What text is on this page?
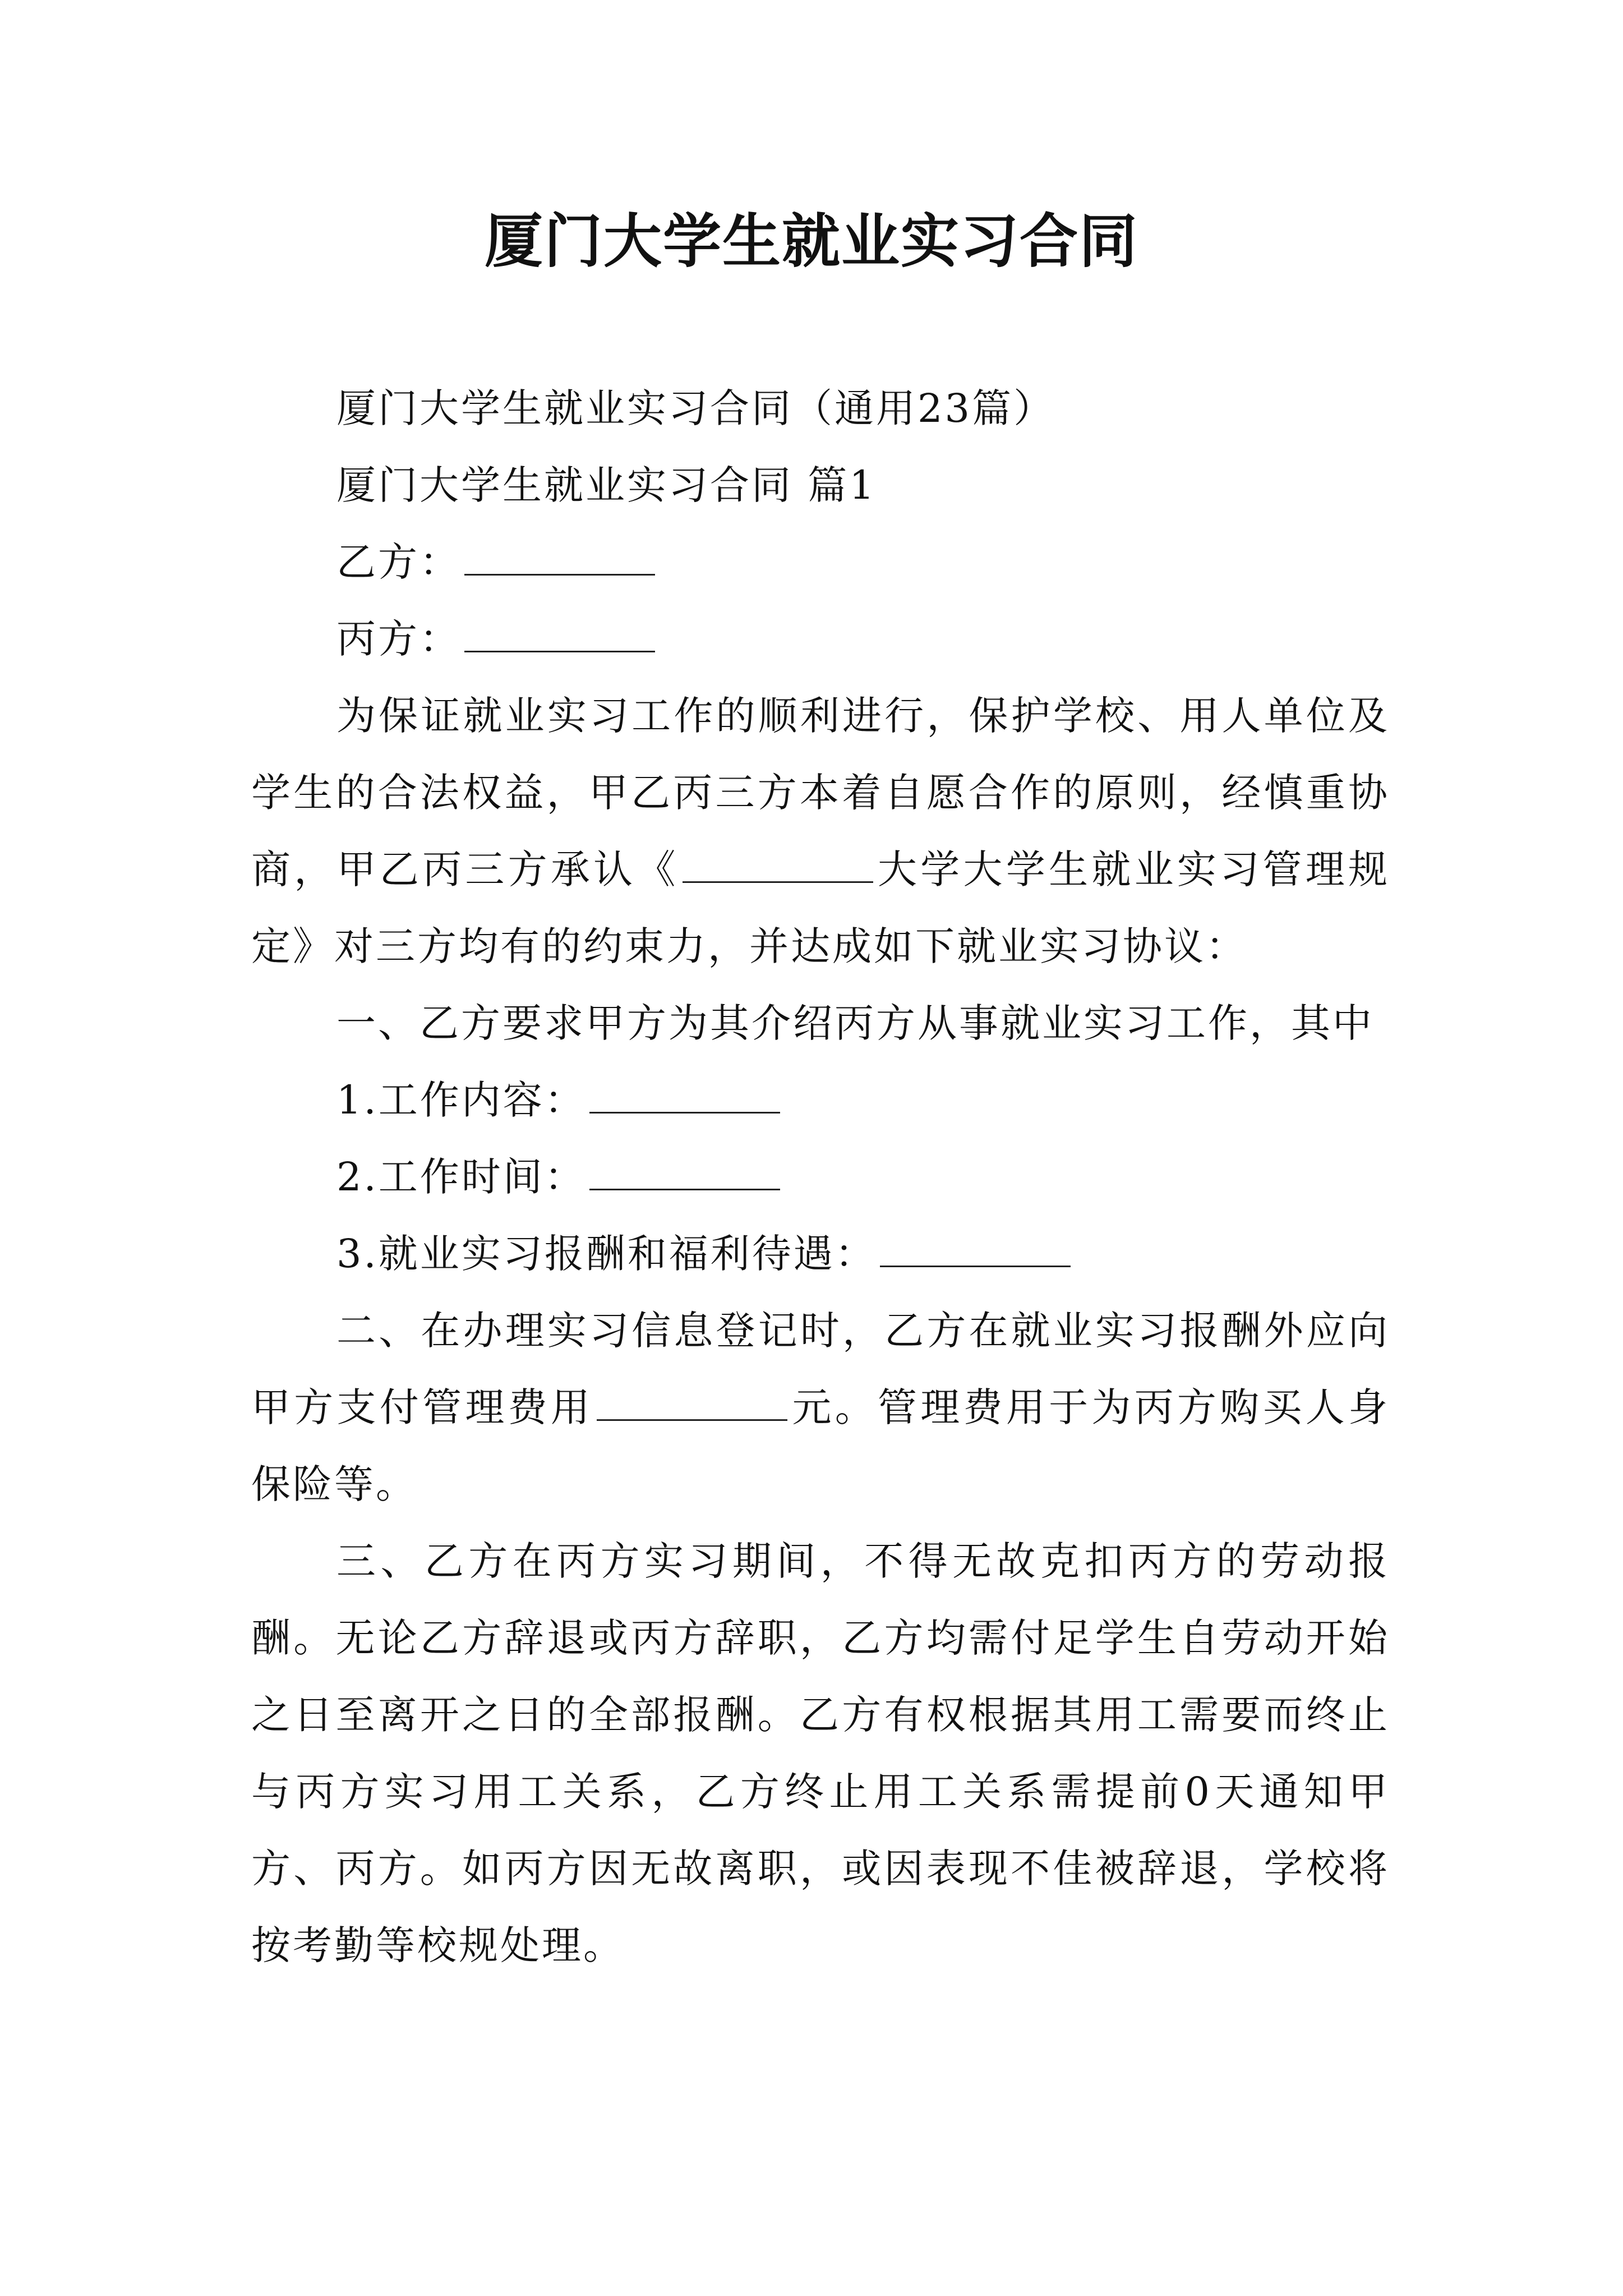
厦门大学生就业实习合同

厦门大学生就业实习合同（通用23篇）

厦门大学生就业实习合同 篇1

乙方：

丙方：

为保证就业实习工作的顺利进行，保护学校、用人单位及学生的合法权益，甲乙丙三方本着自愿合作的原则，经慎重协商，甲乙丙三方承认《	大学大学生就业实习管理规定》对三方均有的约束力，并达成如下就业实习协议：

一、乙方要求甲方为其介绍丙方从事就业实习工作，其中

1.工作内容：

2.工作时间：

3.就业实习报酬和福利待遇：

二、在办理实习信息登记时，乙方在就业实习报酬外应向甲方支付管理费用	元。管理费用于为丙方购买人身保险等。

三、乙方在丙方实习期间，不得无故克扣丙方的劳动报酬。无论乙方辞退或丙方辞职，乙方均需付足学生自劳动开始之日至离开之日的全部报酬。乙方有权根据其用工需要而终止与丙方实习用工关系，乙方终止用工关系需提前0天通知甲方、丙方。如丙方因无故离职，或因表现不佳被辞退，学校将按考勤等校规处理。
